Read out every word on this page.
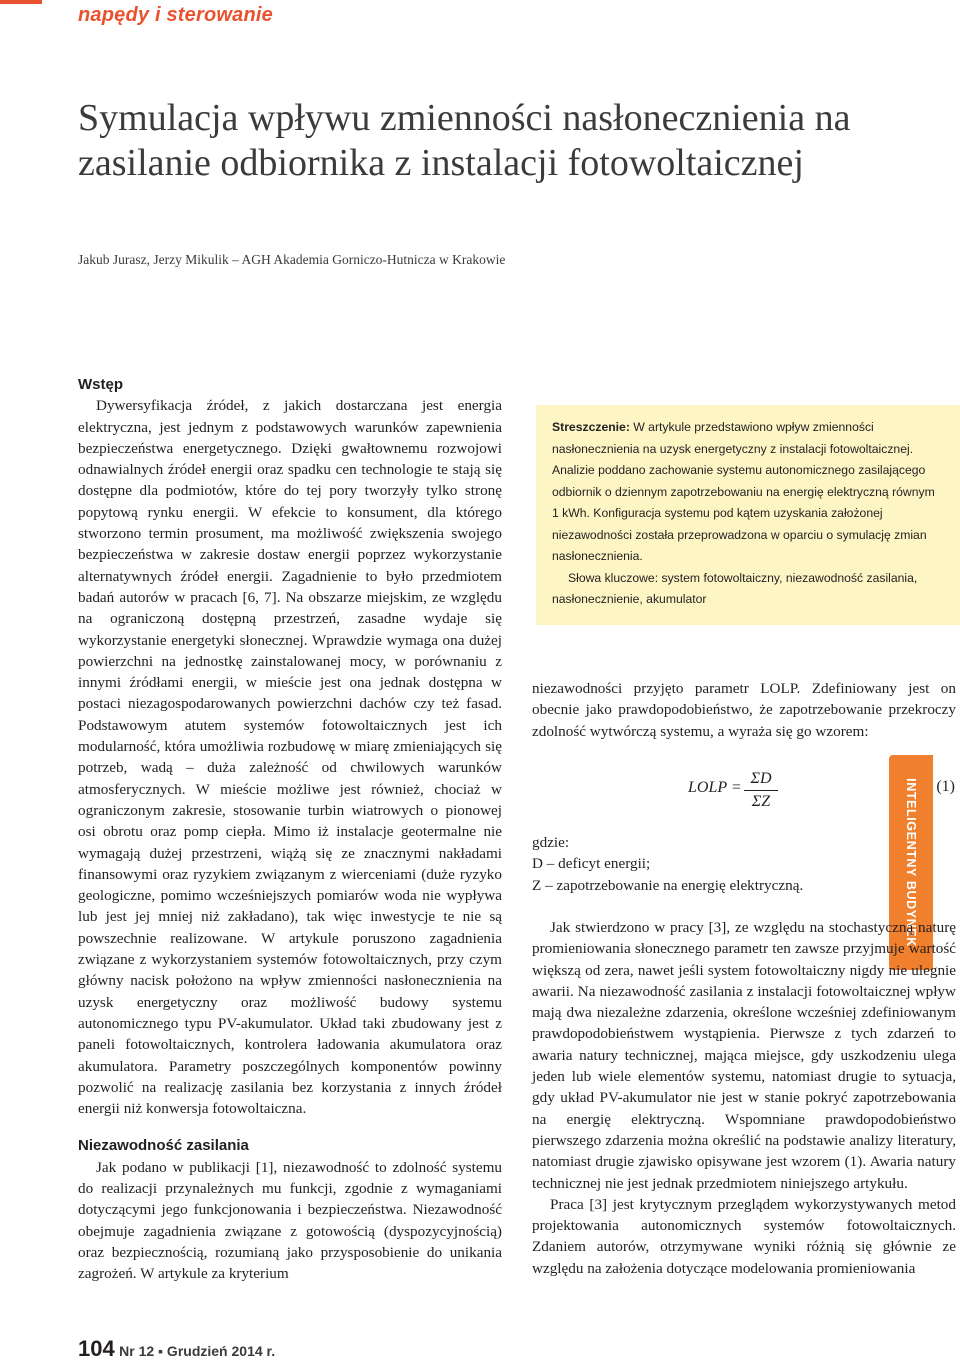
napędy i sterowanie
Symulacja wpływu zmienności nasłonecznienia na zasilanie odbiornika z instalacji fotowoltaicznej
Jakub Jurasz, Jerzy Mikulik – AGH Akademia Gorniczo-Hutnicza w Krakowie
Wstęp

Dywersyfikacja źródeł, z jakich dostarczana jest energia elektryczna, jest jednym z podstawowych warunków zapewnienia bezpieczeństwa energetycznego. Dzięki gwałtownemu rozwojowi odnawialnych źródeł energii oraz spadku cen technologie te stają się dostępne dla podmiotów, które do tej pory tworzyły tylko stronę popytową rynku energii. W efekcie to konsument, dla którego stworzono termin prosument, ma możliwość zwiększenia swojego bezpieczeństwa w zakresie dostaw energii poprzez wykorzystanie alternatywnych źródeł energii. Zagadnienie to było przedmiotem badań autorów w pracach [6, 7]. Na obszarze miejskim, ze względu na ograniczoną dostępną przestrzeń, zasadne wydaje się wykorzystanie energetyki słonecznej. Wprawdzie wymaga ona dużej powierzchni na jednostkę zainstalowanej mocy, w porównaniu z innymi źródłami energii, w mieście jest ona jednak dostępna w postaci niezagospodarowanych powierzchni dachów czy też fasad. Podstawowym atutem systemów fotowoltaicznych jest ich modularność, która umożliwia rozbudowę w miarę zmieniających się potrzeb, wadą – duża zależność od chwilowych warunków atmosferycznych. W mieście możliwe jest również, chociaż w ograniczonym zakresie, stosowanie turbin wiatrowych o pionowej osi obrotu oraz pomp ciepła. Mimo iż instalacje geotermalne nie wymagają dużej przestrzeni, wiążą się ze znacznymi nakładami finansowymi oraz ryzykiem związanym z wierceniami (duże ryzyko geologiczne, pomimo wcześniejszych pomiarów woda nie wypływa lub jest jej mniej niż zakładano), tak więc inwestycje te nie są powszechnie realizowane. W artykule poruszono zagadnienia związane z wykorzystaniem systemów fotowoltaicznych, przy czym główny nacisk położono na wpływ zmienności nasłonecznienia na uzysk energetyczny oraz możliwość budowy systemu autonomicznego typu PV-akumulator. Układ taki zbudowany jest z paneli fotowoltaicznych, kontrolera ładowania akumulatora oraz akumulatora. Parametry poszczególnych komponentów powinny pozwolić na realizację zasilania bez korzystania z innych źródeł energii niż konwersja fotowoltaiczna.

Niezawodność zasilania

Jak podano w publikacji [1], niezawodność to zdolność systemu do realizacji przynależnych mu funkcji, zgodnie z wymaganiami dotyczącymi jego funkcjonowania i bezpieczeństwa. Niezawodność obejmuje zagadnienia związane z gotowością (dyspozycyjnością) oraz bezpiecznością, rozumianą jako przysposobienie do unikania zagrożeń. W artykule za kryterium

Streszczenie: W artykule przedstawiono wpływ zmienności nasłonecznienia na uzysk energetyczny z instalacji fotowoltaicznej. Analizie poddano zachowanie systemu autonomicznego zasilającego odbiornik o dziennym zapotrzebowaniu na energię elektryczną równym 1 kWh. Konfiguracja systemu pod kątem uzyskania założonej niezawodności została przeprowadzona w oparciu o symulację zmian nasłonecznienia.

Słowa kluczowe: system fotowoltaiczny, niezawodność zasilania, nasłonecznienie, akumulator

INTELIGENTNY BUDYNEK

niezawodności przyjęto parametr LOLP. Zdefiniowany jest on obecnie jako prawdopodobieństwo, że zapotrzebowanie przekroczy zdolność wytwórczą systemu, a wyraża się go wzorem:

LOLP = $\frac{\Sigma D}{\Sigma Z}$	(1)

gdzie:

D – deficyt energii;

Z – zapotrzebowanie na energię elektryczną.

Jak stwierdzono w pracy [3], ze względu na stochastyczną naturę promieniowania słonecznego parametr ten zawsze przyjmuje wartość większą od zera, nawet jeśli system fotowoltaiczny nigdy nie ulegnie awarii. Na niezawodność zasilania z instalacji fotowoltaicznej wpływ mają dwa niezależne zdarzenia, określone wcześniej zdefiniowanym prawdopodobieństwem wystąpienia. Pierwsze z tych zdarzeń to awaria natury technicznej, mająca miejsce, gdy uszkodzeniu ulega jeden lub wiele elementów systemu, natomiast drugie to sytuacja, gdy układ PV-akumulator nie jest w stanie pokryć zapotrzebowania na energię elektryczną. Wspomniane prawdopodobieństwo pierwszego zdarzenia można określić na podstawie analizy literatury, natomiast drugie zjawisko opisywane jest wzorem (1). Awaria natury technicznej nie jest jednak przedmiotem niniejszego artykułu.

Praca [3] jest krytycznym przeglądem wykorzystywanych metod projektowania autonomicznych systemów fotowoltaicznych. Zdaniem autorów, otrzymywane wyniki różnią się głównie ze względu na założenia dotyczące modelowania promieniowania

104 Nr 12 ▪ Grudzień 2014 r.
